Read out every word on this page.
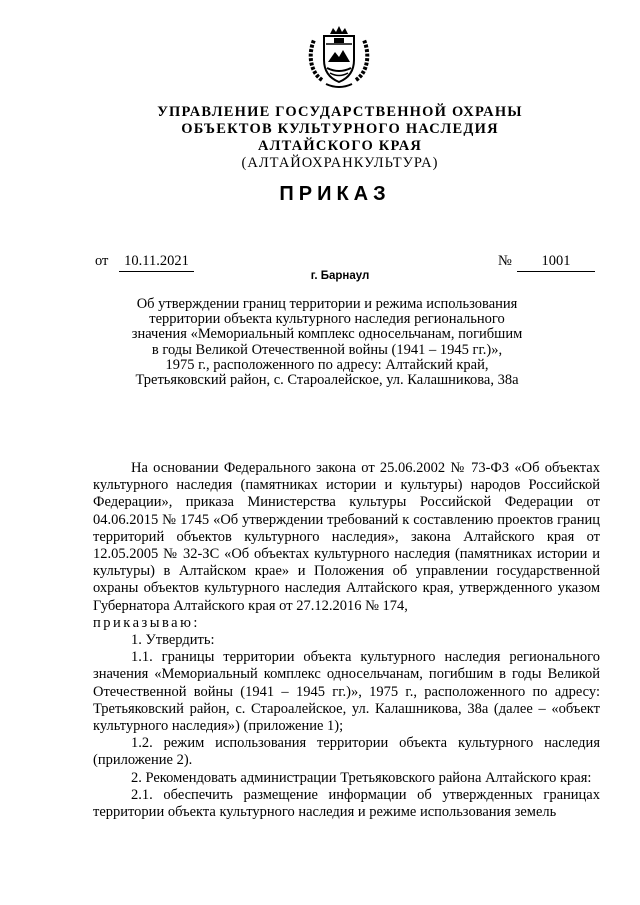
УПРАВЛЕНИЕ ГОСУДАРСТВЕННОЙ ОХРАНЫ
ОБЪЕКТОВ КУЛЬТУРНОГО НАСЛЕДИЯ
АЛТАЙСКОГО КРАЯ
(АЛТАЙОХРАНКУЛЬТУРА)
ПРИКАЗ
от	10.11.2021	№	1001
г. Барнаул
Об утверждении границ территории и режима использования
территории объекта культурного наследия регионального
значения «Мемориальный комплекс односельчанам, погибшим
в годы Великой Отечественной войны (1941 – 1945 гг.)»,
1975 г., расположенного по адресу: Алтайский край,
Третьяковский район, с. Староалейское, ул. Калашникова, 38а

На основании Федерального закона от 25.06.2002 № 73-ФЗ «Об объектах культурного наследия (памятниках истории и культуры) народов Российской Федерации», приказа Министерства культуры Российской Федерации от 04.06.2015 № 1745 «Об утверждении требований к составлению проектов границ территорий объектов культурного наследия», закона Алтайского края от 12.05.2005 № 32-ЗС «Об объектах культурного наследия (памятниках истории и культуры) в Алтайском крае» и Положения об управлении государственной охраны объектов культурного наследия Алтайского края, утвержденного указом Губернатора Алтайского края от 27.12.2016 № 174,

приказываю:

1. Утвердить:

1.1. границы территории объекта культурного наследия регионального значения «Мемориальный комплекс односельчанам, погибшим в годы Великой Отечественной войны (1941 – 1945 гг.)», 1975 г., расположенного по адресу: Третьяковский район, с. Староалейское, ул. Калашникова, 38а (далее – «объект культурного наследия») (приложение 1);

1.2. режим использования территории объекта культурного наследия (приложение 2).

2. Рекомендовать администрации Третьяковского района Алтайского края:

2.1. обеспечить размещение информации об утвержденных границах территории объекта культурного наследия и режиме использования земель
